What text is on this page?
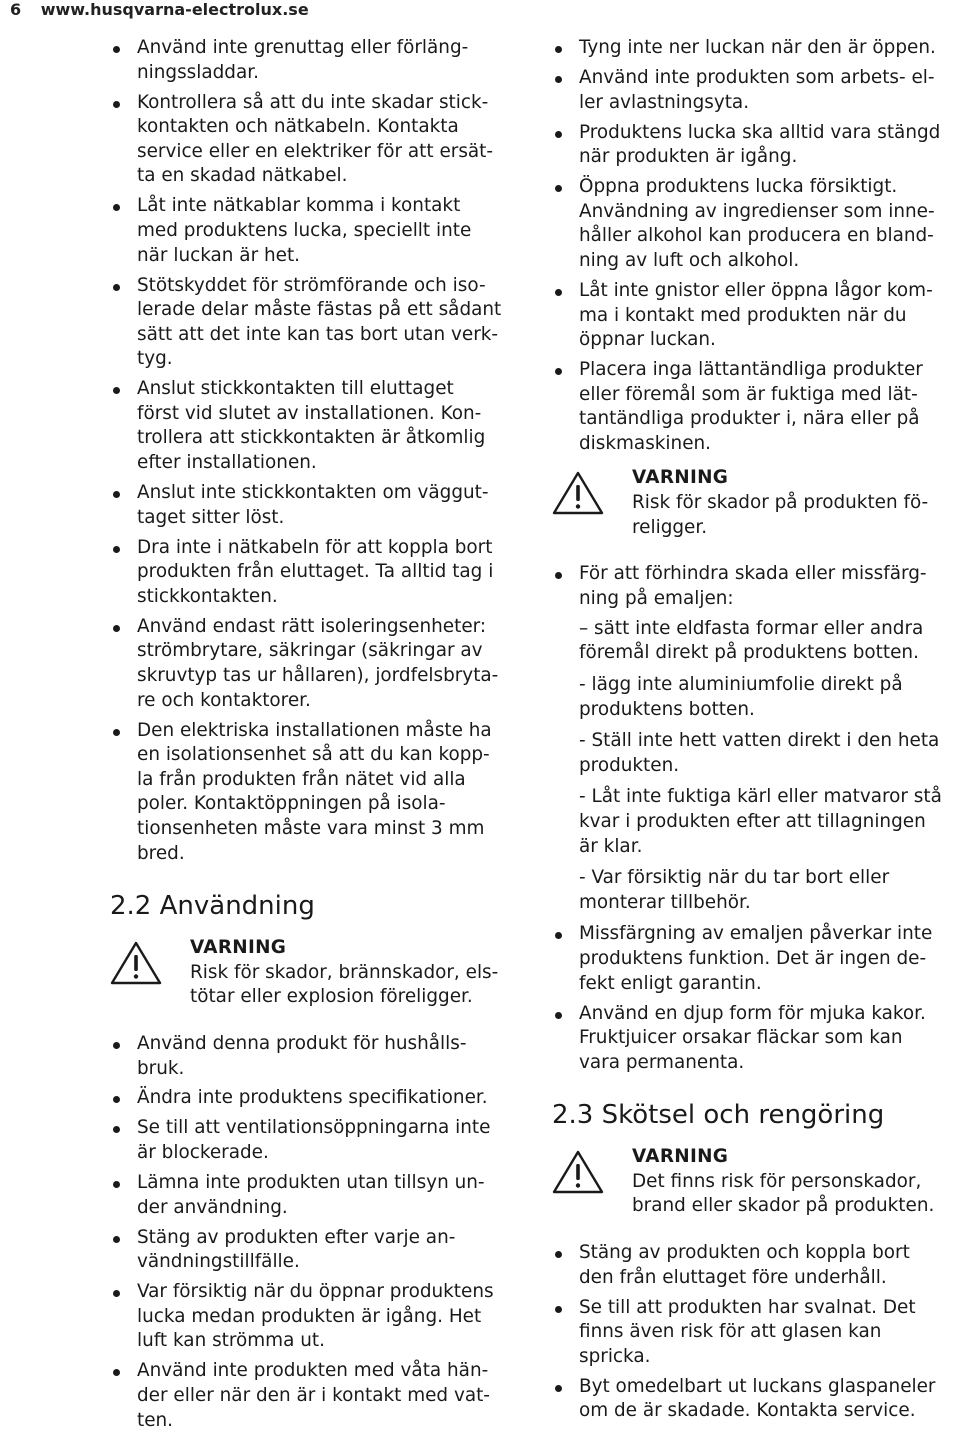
6 www.husqvarna-electrolux.se
Använd inte grenuttag eller förläng-
ningssladdar.
Kontrollera så att du inte skadar stick-
kontakten och nätkabeln. Kontakta
service eller en elektriker för att ersät-
ta en skadad nätkabel.
Låt inte nätkablar komma i kontakt
med produktens lucka, speciellt inte
när luckan är het.
Stötskyddet för strömförande och iso-
lerade delar måste fästas på ett sådant
sätt att det inte kan tas bort utan verk-
tyg.
Anslut stickkontakten till eluttaget
först vid slutet av installationen. Kon-
trollera att stickkontakten är åtkomlig
efter installationen.
Anslut inte stickkontakten om väggut-
taget sitter löst.
Dra inte i nätkabeln för att koppla bort
produkten från eluttaget. Ta alltid tag i
stickkontakten.
Använd endast rätt isoleringsenheter:
strömbrytare, säkringar (säkringar av
skruvtyp tas ur hållaren), jordfelsbryta-
re och kontaktorer.
Den elektriska installationen måste ha
en isolationsenhet så att du kan kopp-
la från produkten från nätet vid alla
poler. Kontaktöppningen på isola-
tionsenheten måste vara minst 3 mm
bred.
2.2 Användning
VARNING
Risk för skador, brännskador, els-
tötar eller explosion föreligger.
Använd denna produkt för hushålls-
bruk.
Ändra inte produktens specifikationer.
Se till att ventilationsöppningarna inte
är blockerade.
Lämna inte produkten utan tillsyn un-
der användning.
Stäng av produkten efter varje an-
vändningstillfälle.
Var försiktig när du öppnar produktens
lucka medan produkten är igång. Het
luft kan strömma ut.
Använd inte produkten med våta hän-
der eller när den är i kontakt med vat-
ten.
Tyng inte ner luckan när den är öppen.
Använd inte produkten som arbets- el-
ler avlastningsyta.
Produktens lucka ska alltid vara stängd
när produkten är igång.
Öppna produktens lucka försiktigt.
Användning av ingredienser som inne-
håller alkohol kan producera en bland-
ning av luft och alkohol.
Låt inte gnistor eller öppna lågor kom-
ma i kontakt med produkten när du
öppnar luckan.
Placera inga lättantändliga produkter
eller föremål som är fuktiga med lät-
tantändliga produkter i, nära eller på
diskmaskinen.
VARNING
Risk för skador på produkten fö-
religger.
För att förhindra skada eller missfärg-
ning på emaljen:
– sätt inte eldfasta formar eller andra
föremål direkt på produktens botten.
- lägg inte aluminiumfolie direkt på
produktens botten.
- Ställ inte hett vatten direkt i den heta
produkten.
- Låt inte fuktiga kärl eller matvaror stå
kvar i produkten efter att tillagningen
är klar.
- Var försiktig när du tar bort eller
monterar tillbehör.
Missfärgning av emaljen påverkar inte
produktens funktion. Det är ingen de-
fekt enligt garantin.
Använd en djup form för mjuka kakor.
Fruktjuicer orsakar fläckar som kan
vara permanenta.
2.3 Skötsel och rengöring
VARNING
Det finns risk för personskador,
brand eller skador på produkten.
Stäng av produkten och koppla bort
den från eluttaget före underhåll.
Se till att produkten har svalnat. Det
finns även risk för att glasen kan
spricka.
Byt omedelbart ut luckans glaspaneler
om de är skadade. Kontakta service.
